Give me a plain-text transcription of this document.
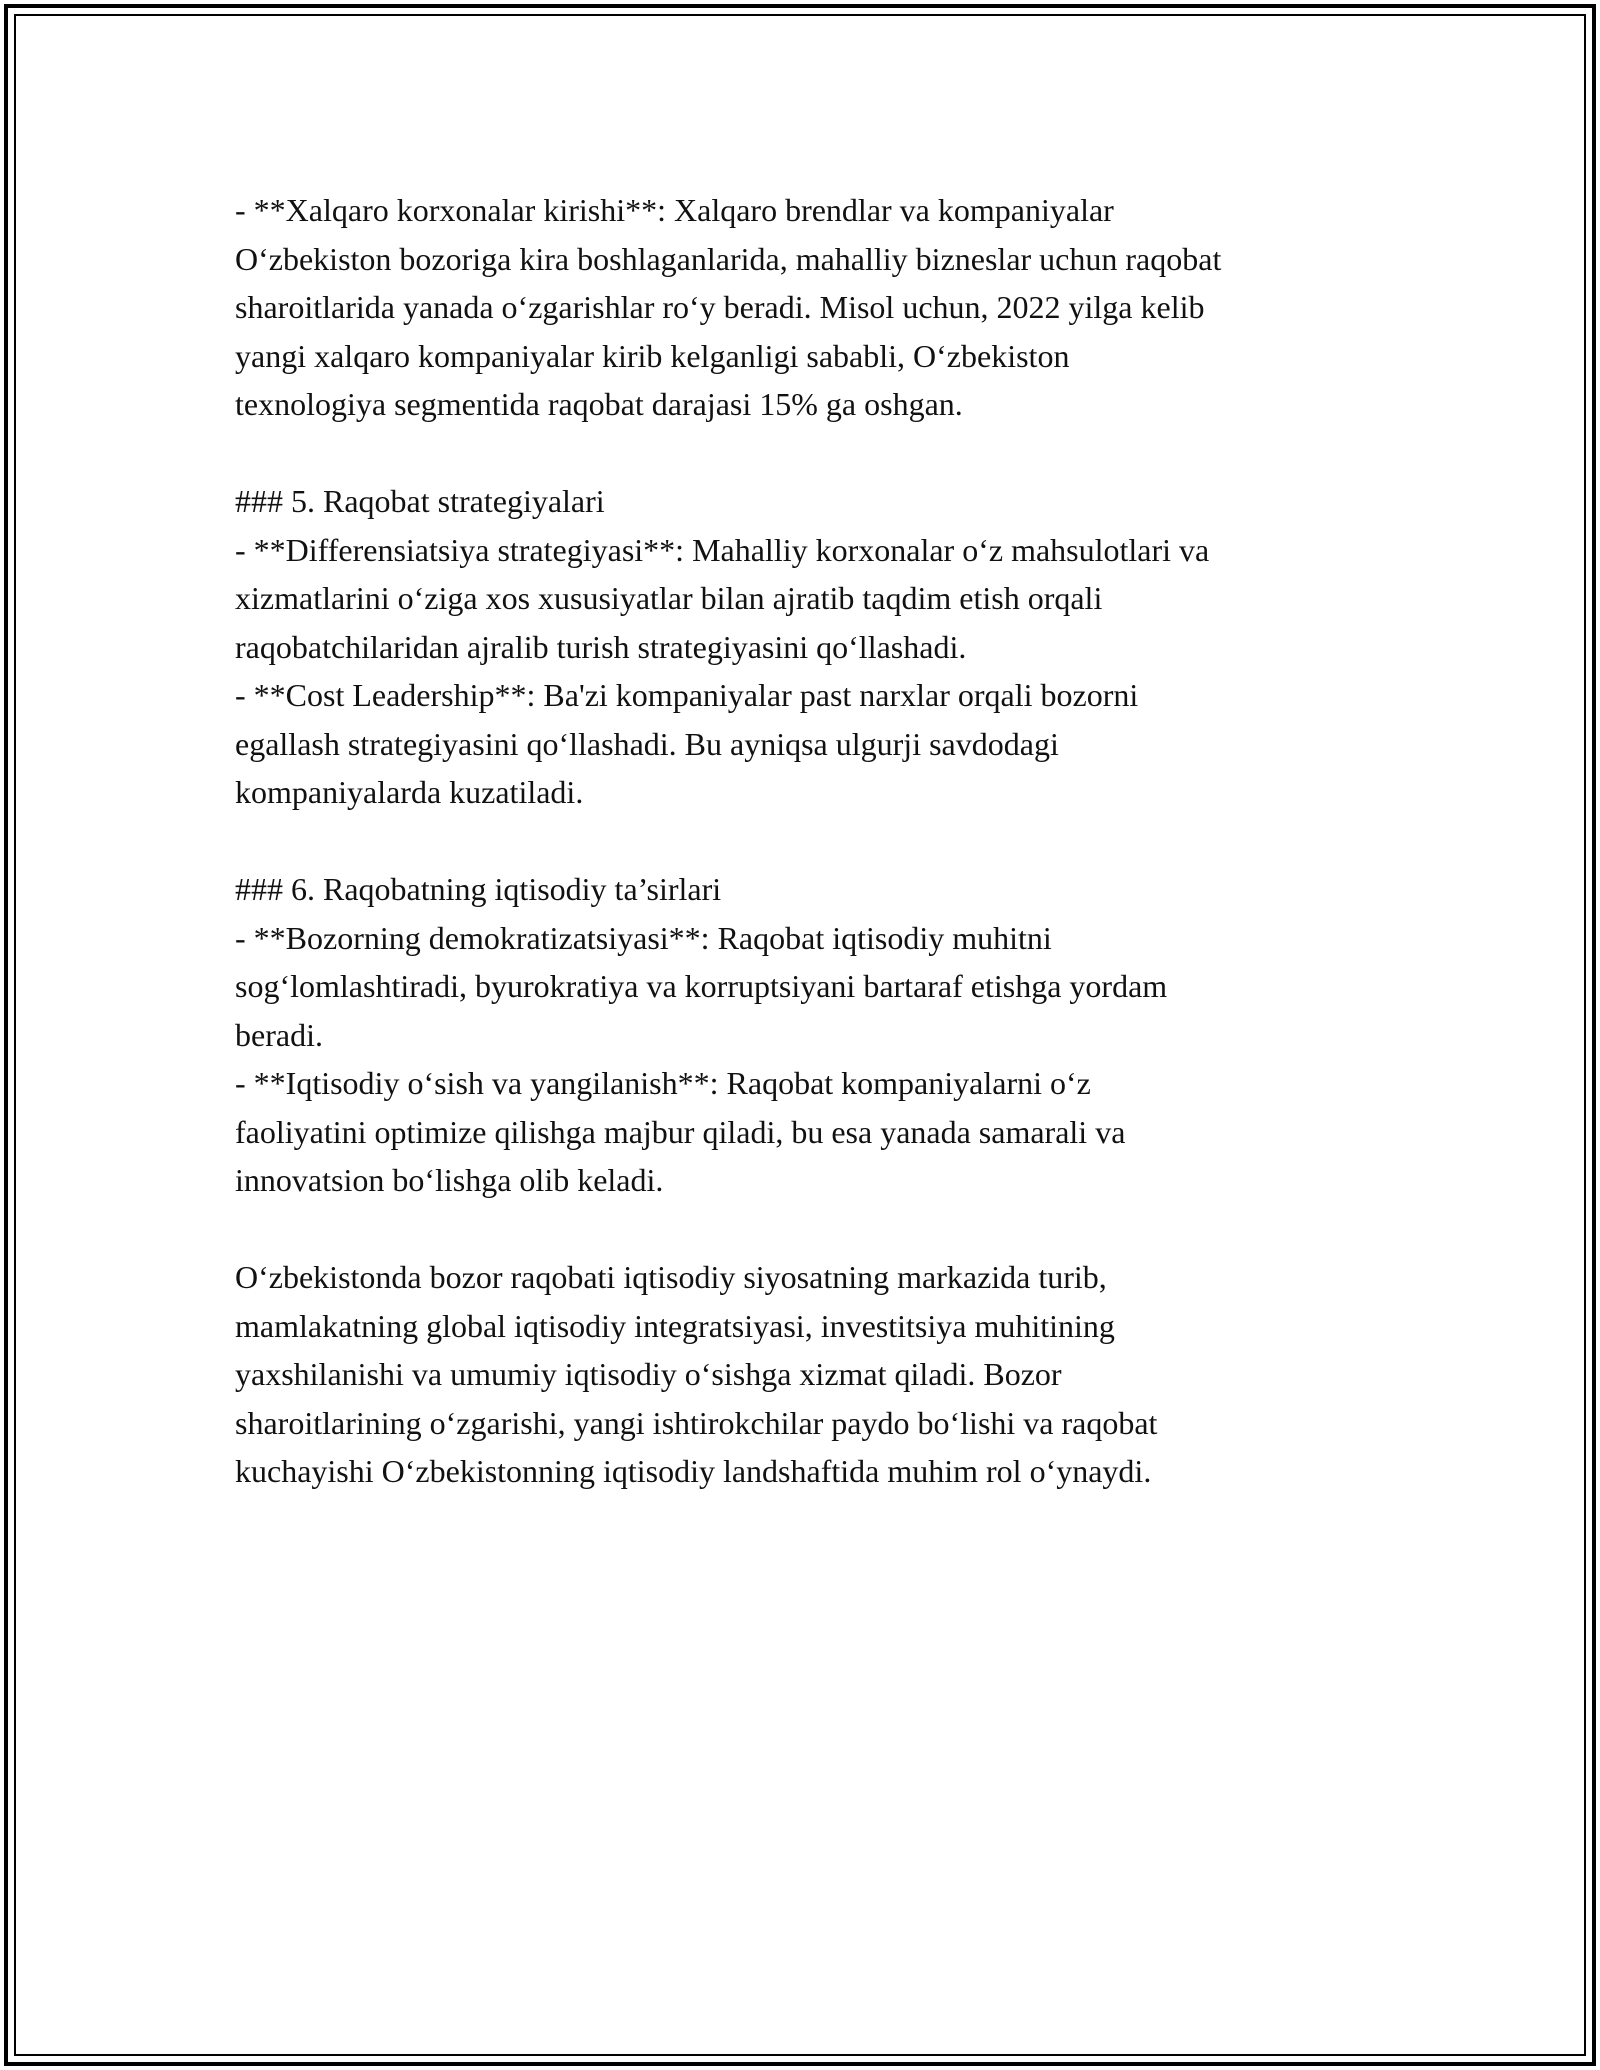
- **Xalqaro korxonalar kirishi**: Xalqaro brendlar va kompaniyalar
O‘zbekiston bozoriga kira boshlaganlarida, mahalliy bizneslar uchun raqobat
sharoitlarida yanada o‘zgarishlar ro‘y beradi. Misol uchun, 2022 yilga kelib
yangi xalqaro kompaniyalar kirib kelganligi sababli, O‘zbekiston
texnologiya segmentida raqobat darajasi 15% ga oshgan.
### 5. Raqobat strategiyalari
- **Differensiatsiya strategiyasi**: Mahalliy korxonalar o‘z mahsulotlari va
xizmatlarini o‘ziga xos xususiyatlar bilan ajratib taqdim etish orqali
raqobatchilaridan ajralib turish strategiyasini qo‘llashadi.
- **Cost Leadership**: Ba'zi kompaniyalar past narxlar orqali bozorni
egallash strategiyasini qo‘llashadi. Bu ayniqsa ulgurji savdodagi
kompaniyalarda kuzatiladi.
### 6. Raqobatning iqtisodiy ta’sirlari
- **Bozorning demokratizatsiyasi**: Raqobat iqtisodiy muhitni
sog‘lomlashtiradi, byurokratiya va korruptsiyani bartaraf etishga yordam
beradi.
- **Iqtisodiy o‘sish va yangilanish**: Raqobat kompaniyalarni o‘z
faoliyatini optimize qilishga majbur qiladi, bu esa yanada samarali va
innovatsion bo‘lishga olib keladi.
O‘zbekistonda bozor raqobati iqtisodiy siyosatning markazida turib,
mamlakatning global iqtisodiy integratsiyasi, investitsiya muhitining
yaxshilanishi va umumiy iqtisodiy o‘sishga xizmat qiladi. Bozor
sharoitlarining o‘zgarishi, yangi ishtirokchilar paydo bo‘lishi va raqobat
kuchayishi O‘zbekistonning iqtisodiy landshaftida muhim rol o‘ynaydi.
